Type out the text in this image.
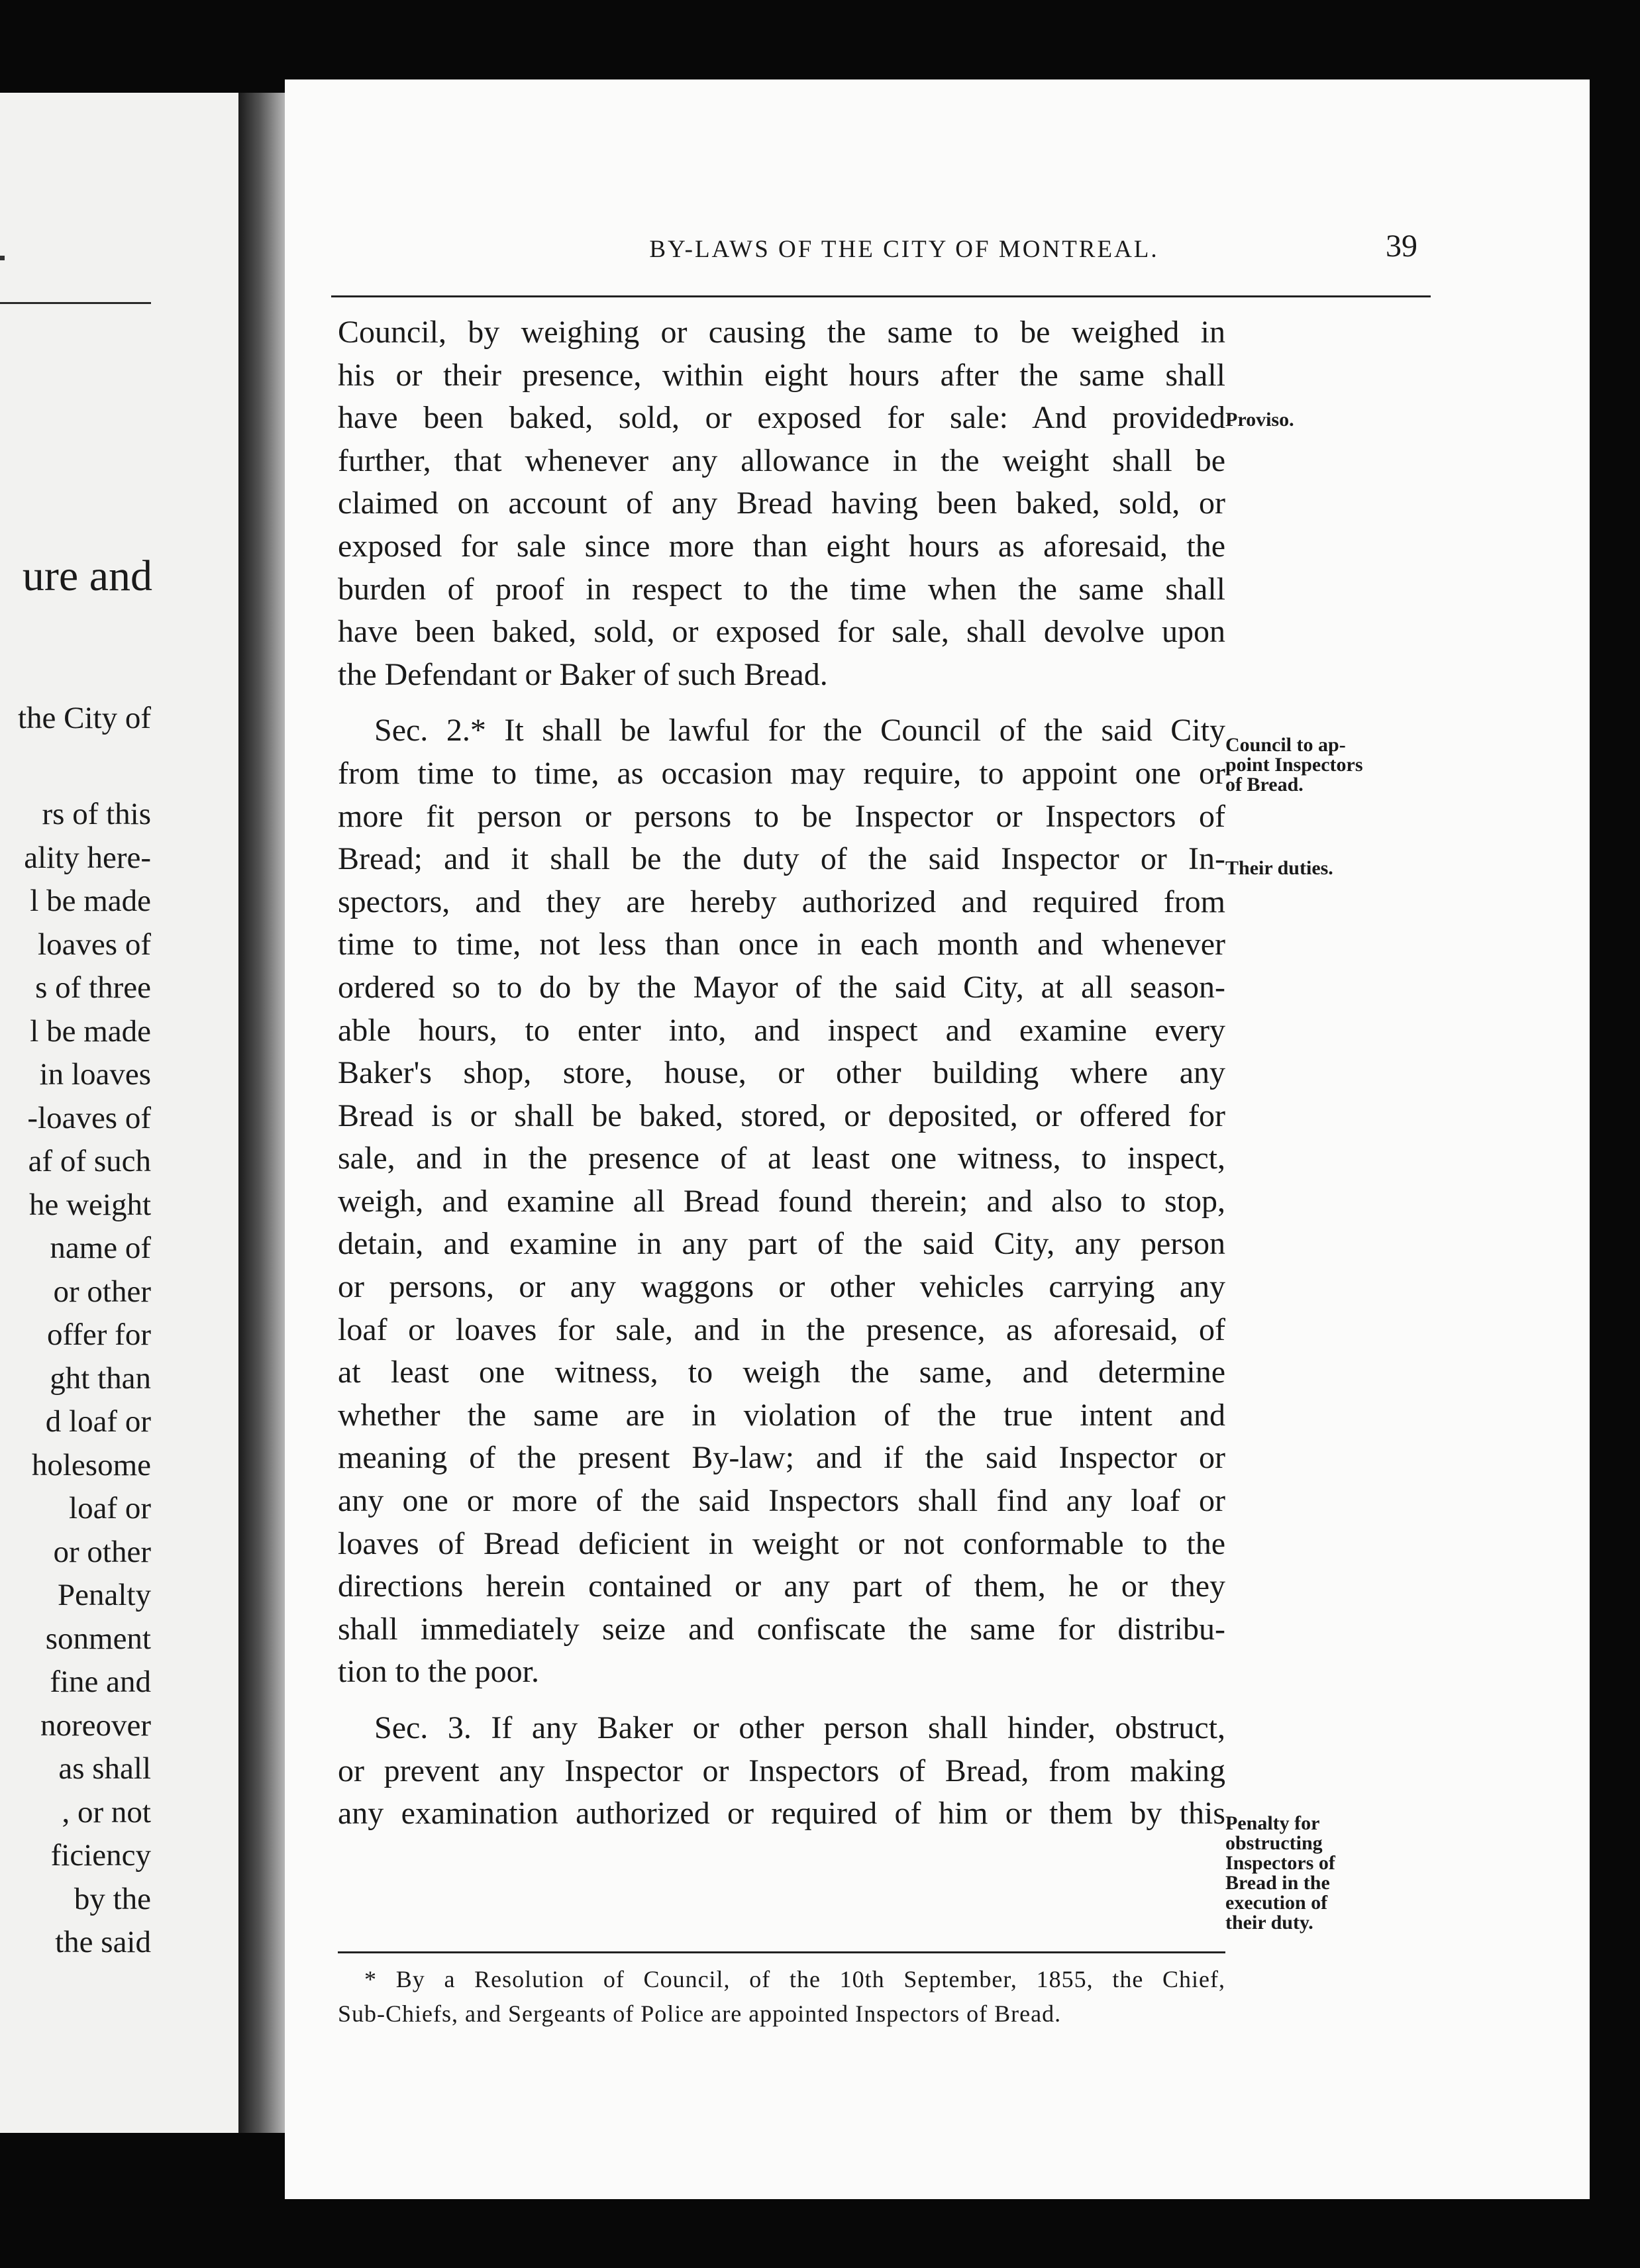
ure and
the City of
rs of this
ality here-
l be made
loaves of
s of three
l be made
in loaves
-loaves of
af of such
he weight
name of
or other
offer for
ght than
d loaf or
holesome
loaf or
or other
Penalty
sonment
fine and
noreover
as shall
, or not
ficiency
by the
the said
BY-LAWS OF THE CITY OF MONTREAL.	39
Council, by weighing or causing the same to be weighed in
his or their presence, within eight hours after the same shall
have been baked, sold, or exposed for sale: And provided
further, that whenever any allowance in the weight shall be
claimed on account of any Bread having been baked, sold, or
exposed for sale since more than eight hours as aforesaid, the
burden of proof in respect to the time when the same shall
have been baked, sold, or exposed for sale, shall devolve upon
the Defendant or Baker of such Bread.
Sec. 2.* It shall be lawful for the Council of the said City
from time to time, as occasion may require, to appoint one or
more fit person or persons to be Inspector or Inspectors of
Bread; and it shall be the duty of the said Inspector or In-
spectors, and they are hereby authorized and required from
time to time, not less than once in each month and whenever
ordered so to do by the Mayor of the said City, at all season-
able hours, to enter into, and inspect and examine every
Baker's shop, store, house, or other building where any
Bread is or shall be baked, stored, or deposited, or offered for
sale, and in the presence of at least one witness, to inspect,
weigh, and examine all Bread found therein; and also to stop,
detain, and examine in any part of the said City, any person
or persons, or any waggons or other vehicles carrying any
loaf or loaves for sale, and in the presence, as aforesaid, of
at least one witness, to weigh the same, and determine
whether the same are in violation of the true intent and
meaning of the present By-law; and if the said Inspector or
any one or more of the said Inspectors shall find any loaf or
loaves of Bread deficient in weight or not conformable to the
directions herein contained or any part of them, he or they
shall immediately seize and confiscate the same for distribu-
tion to the poor.
Sec. 3. If any Baker or other person shall hinder, obstruct,
or prevent any Inspector or Inspectors of Bread, from making
any examination authorized or required of him or them by this
Proviso.
Council to ap-
point Inspectors
of Bread.
Their duties.
Penalty for
obstructing
Inspectors of
Bread in the
execution of
their duty.
* By a Resolution of Council, of the 10th September, 1855, the Chief,
Sub-Chiefs, and Sergeants of Police are appointed Inspectors of Bread.
